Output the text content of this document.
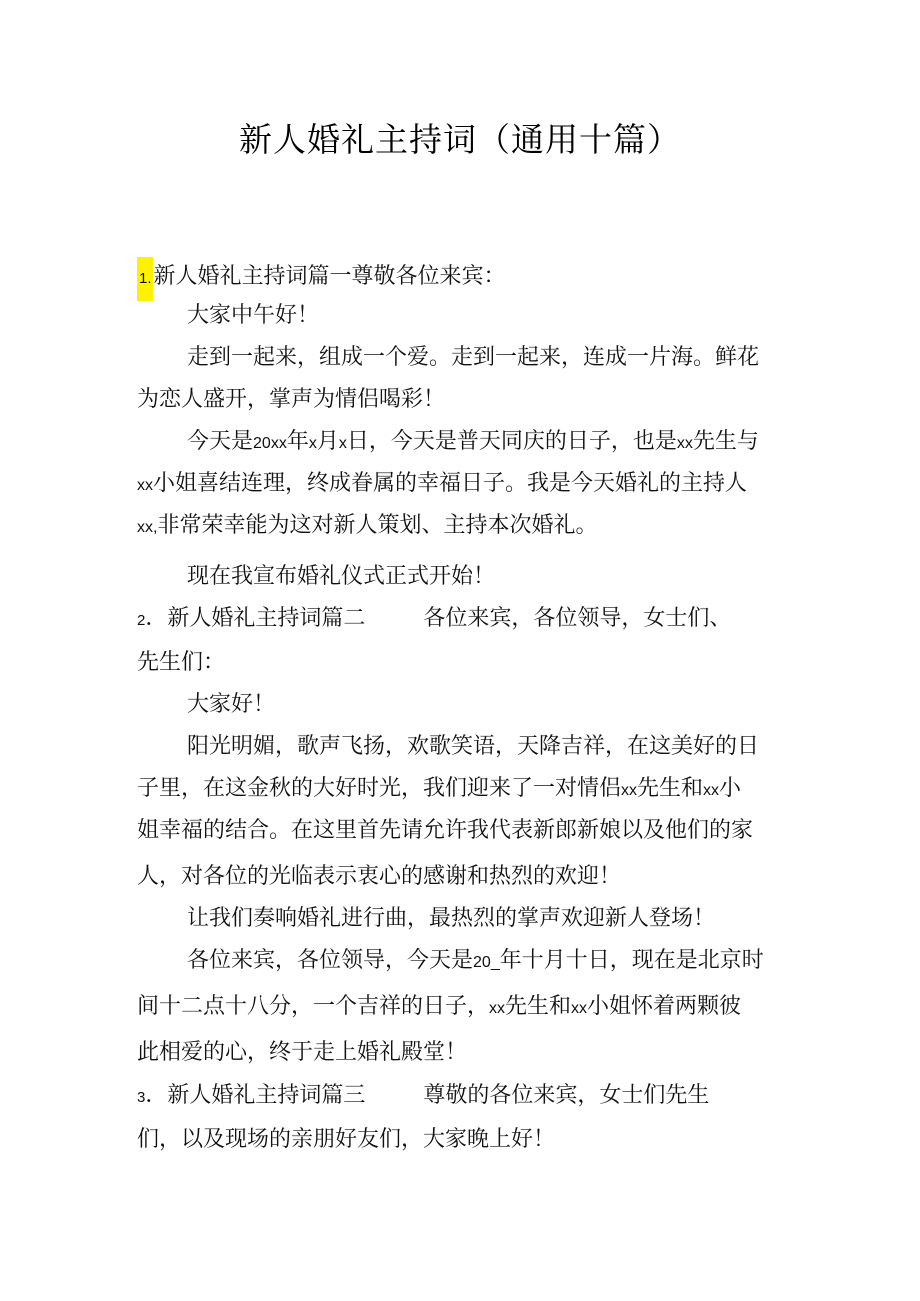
新人婚礼主持词（通用十篇）
1.新人婚礼主持词篇一尊敬各位来宾：
大家中午好！
走到一起来，组成一个爱。走到一起来，连成一片海。鲜花
为恋人盛开，掌声为情侣喝彩！
今天是20xx年x月x日，今天是普天同庆的日子，也是xx先生与
xx小姐喜结连理，终成眷属的幸福日子。我是今天婚礼的主持人
xx,非常荣幸能为这对新人策划、主持本次婚礼。
现在我宣布婚礼仪式正式开始！
2．新人婚礼主持词篇二	各位来宾，各位领导，女士们、
先生们：
大家好！
阳光明媚，歌声飞扬，欢歌笑语，天降吉祥，在这美好的日
子里，在这金秋的大好时光，我们迎来了一对情侣xx先生和xx小
姐幸福的结合。在这里首先请允许我代表新郎新娘以及他们的家
人，对各位的光临表示衷心的感谢和热烈的欢迎！
让我们奏响婚礼进行曲，最热烈的掌声欢迎新人登场！
各位来宾，各位领导，今天是20_年十月十日，现在是北京时
间十二点十八分，一个吉祥的日子，xx先生和xx小姐怀着两颗彼
此相爱的心，终于走上婚礼殿堂！
3．新人婚礼主持词篇三	尊敬的各位来宾，女士们先生
们，以及现场的亲朋好友们，大家晚上好！
